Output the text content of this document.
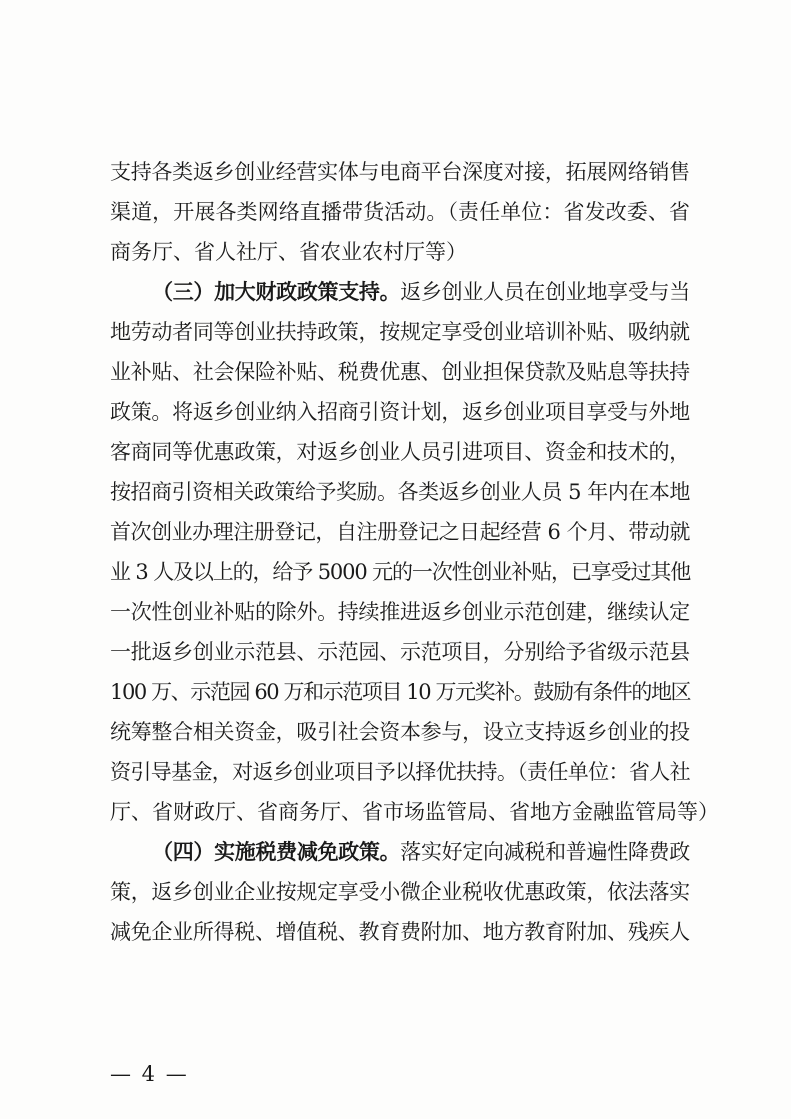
支持各类返乡创业经营实体与电商平台深度对接，拓展网络销售
渠道，开展各类网络直播带货活动。（责任单位：省发改委、省
商务厅、省人社厅、省农业农村厅等）
（三）加大财政政策支持。返乡创业人员在创业地享受与当
地劳动者同等创业扶持政策，按规定享受创业培训补贴、吸纳就
业补贴、社会保险补贴、税费优惠、创业担保贷款及贴息等扶持
政策。将返乡创业纳入招商引资计划，返乡创业项目享受与外地
客商同等优惠政策，对返乡创业人员引进项目、资金和技术的，
按招商引资相关政策给予奖励。各类返乡创业人员 5 年内在本地
首次创业办理注册登记，自注册登记之日起经营 6 个月、带动就
业 3 人及以上的，给予 5000 元的一次性创业补贴，已享受过其他
一次性创业补贴的除外。持续推进返乡创业示范创建，继续认定
一批返乡创业示范县、示范园、示范项目，分别给予省级示范县
100 万、示范园 60 万和示范项目 10 万元奖补。鼓励有条件的地区
统筹整合相关资金，吸引社会资本参与，设立支持返乡创业的投
资引导基金，对返乡创业项目予以择优扶持。（责任单位：省人社
厅、省财政厅、省商务厅、省市场监管局、省地方金融监管局等）
（四）实施税费减免政策。落实好定向减税和普遍性降费政
策，返乡创业企业按规定享受小微企业税收优惠政策，依法落实
减免企业所得税、增值税、教育费附加、地方教育附加、残疾人
— 4 —
